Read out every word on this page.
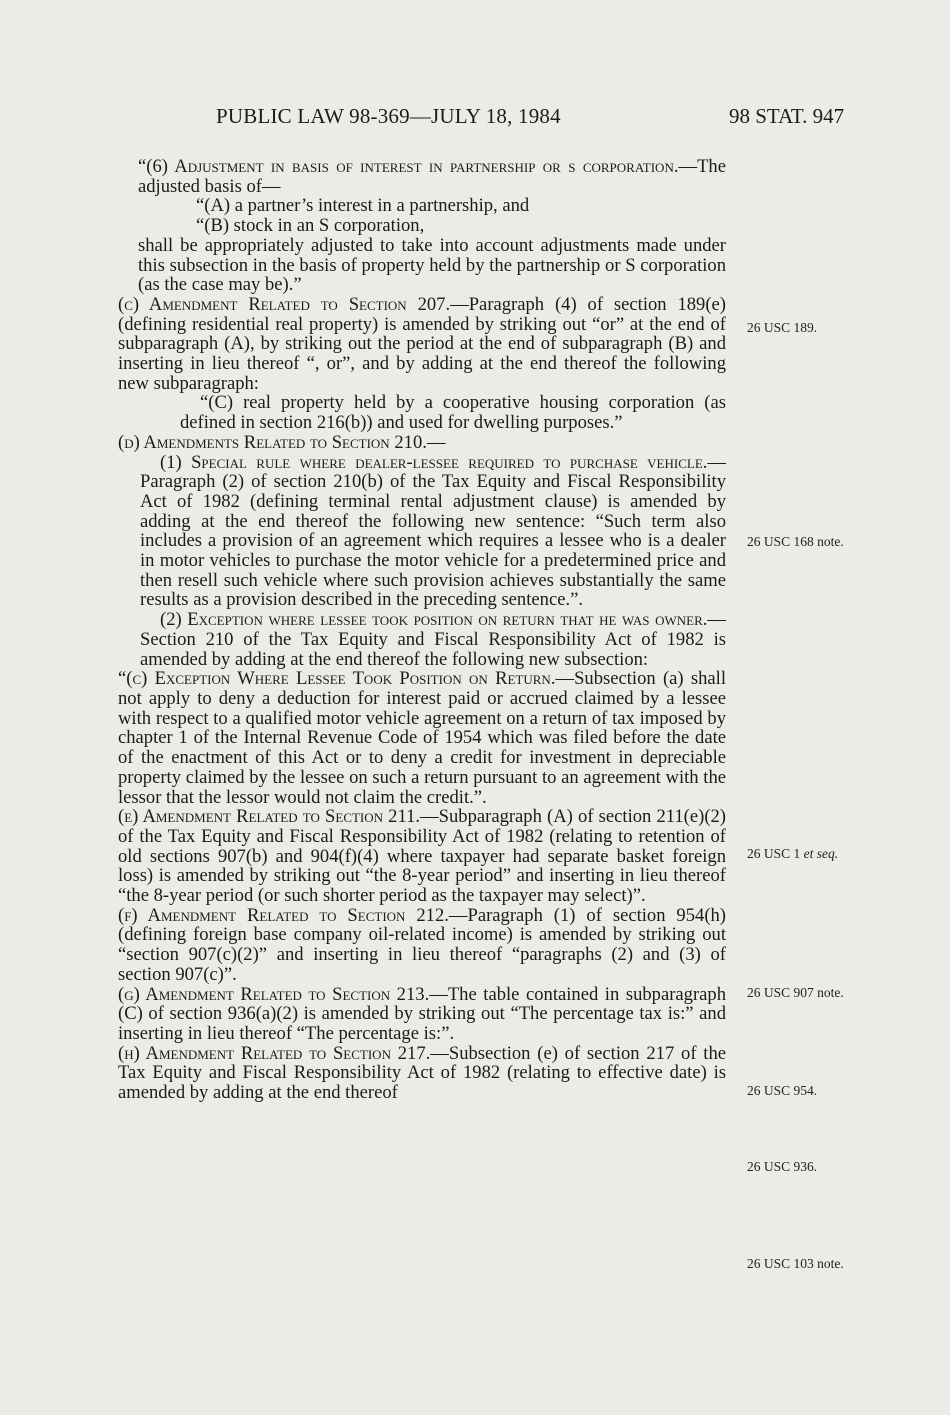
PUBLIC LAW 98-369—JULY 18, 1984	98 STAT. 947

“(6) Adjustment in basis of interest in partnership or s corporation.—The adjusted basis of—

“(A) a partner’s interest in a partnership, and

“(B) stock in an S corporation,

shall be appropriately adjusted to take into account adjustments made under this subsection in the basis of property held by the partnership or S corporation (as the case may be).”

(c) Amendment Related to Section 207.—Paragraph (4) of section 189(e) (defining residential real property) is amended by striking out “or” at the end of subparagraph (A), by striking out the period at the end of subparagraph (B) and inserting in lieu thereof “, or”, and by adding at the end thereof the following new subparagraph:

“(C) real property held by a cooperative housing corporation (as defined in section 216(b)) and used for dwelling purposes.”

(d) Amendments Related to Section 210.—

(1) Special rule where dealer-lessee required to purchase vehicle.—Paragraph (2) of section 210(b) of the Tax Equity and Fiscal Responsibility Act of 1982 (defining terminal rental adjustment clause) is amended by adding at the end thereof the following new sentence: “Such term also includes a provision of an agreement which requires a lessee who is a dealer in motor vehicles to purchase the motor vehicle for a predetermined price and then resell such vehicle where such provision achieves substantially the same results as a provision described in the preceding sentence.”.

(2) Exception where lessee took position on return that he was owner.—Section 210 of the Tax Equity and Fiscal Responsibility Act of 1982 is amended by adding at the end thereof the following new subsection:

“(c) Exception Where Lessee Took Position on Return.—Subsection (a) shall not apply to deny a deduction for interest paid or accrued claimed by a lessee with respect to a qualified motor vehicle agreement on a return of tax imposed by chapter 1 of the Internal Revenue Code of 1954 which was filed before the date of the enactment of this Act or to deny a credit for investment in depreciable property claimed by the lessee on such a return pursuant to an agreement with the lessor that the lessor would not claim the credit.”.

(e) Amendment Related to Section 211.—Subparagraph (A) of section 211(e)(2) of the Tax Equity and Fiscal Responsibility Act of 1982 (relating to retention of old sections 907(b) and 904(f)(4) where taxpayer had separate basket foreign loss) is amended by striking out “the 8-year period” and inserting in lieu thereof “the 8-year period (or such shorter period as the taxpayer may select)”.

(f) Amendment Related to Section 212.—Paragraph (1) of section 954(h) (defining foreign base company oil-related income) is amended by striking out “section 907(c)(2)” and inserting in lieu thereof “paragraphs (2) and (3) of section 907(c)”.

(g) Amendment Related to Section 213.—The table contained in subparagraph (C) of section 936(a)(2) is amended by striking out “The percentage tax is:” and inserting in lieu thereof “The percentage is:”.

(h) Amendment Related to Section 217.—Subsection (e) of section 217 of the Tax Equity and Fiscal Responsibility Act of 1982 (relating to effective date) is amended by adding at the end thereof

26 USC 189.
26 USC 168 note.
26 USC 1 et seq.
26 USC 907 note.
26 USC 954.
26 USC 936.
26 USC 103 note.
